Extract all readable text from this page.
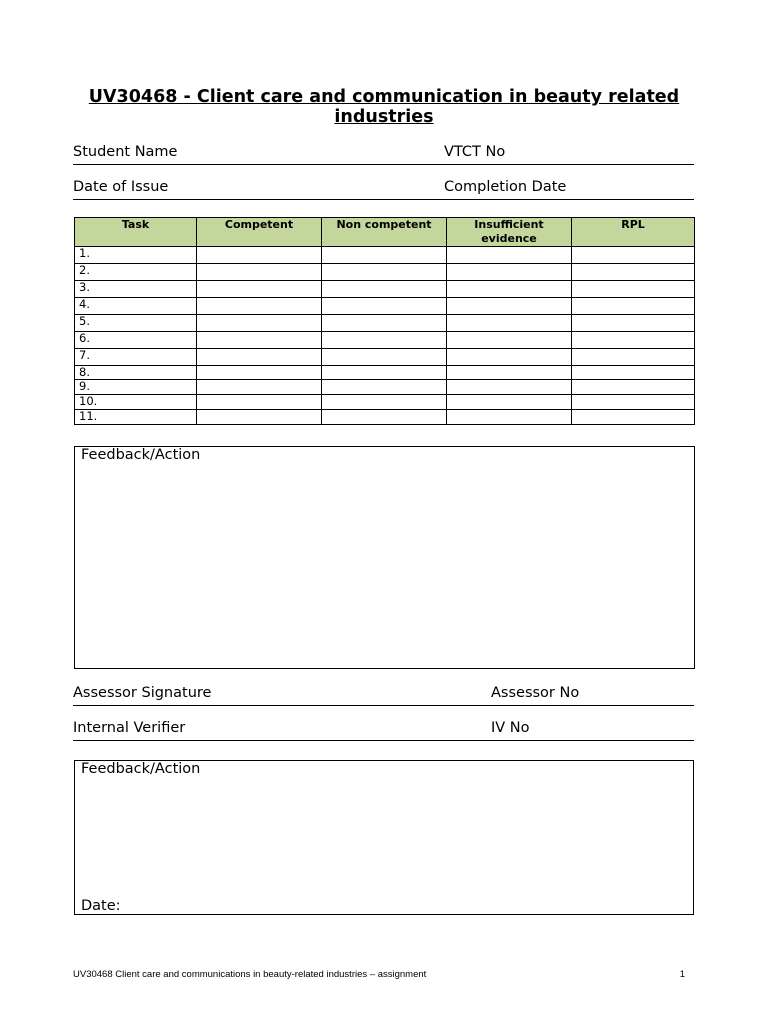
UV30468 - Client care and communication in beauty related industries
Student Name	VTCT No
Date of Issue	Completion Date
Task	Competent	Non competent	Insufficient evidence	RPL
1.				
2.				
3.				
4.				
5.				
6.				
7.				
8.				
9.				
10.				
11.				
Feedback/Action
Assessor Signature	Assessor No
Internal Verifier	IV No
Feedback/Action
Date:
UV30468 Client care and communications in beauty-related industries – assignment	1
